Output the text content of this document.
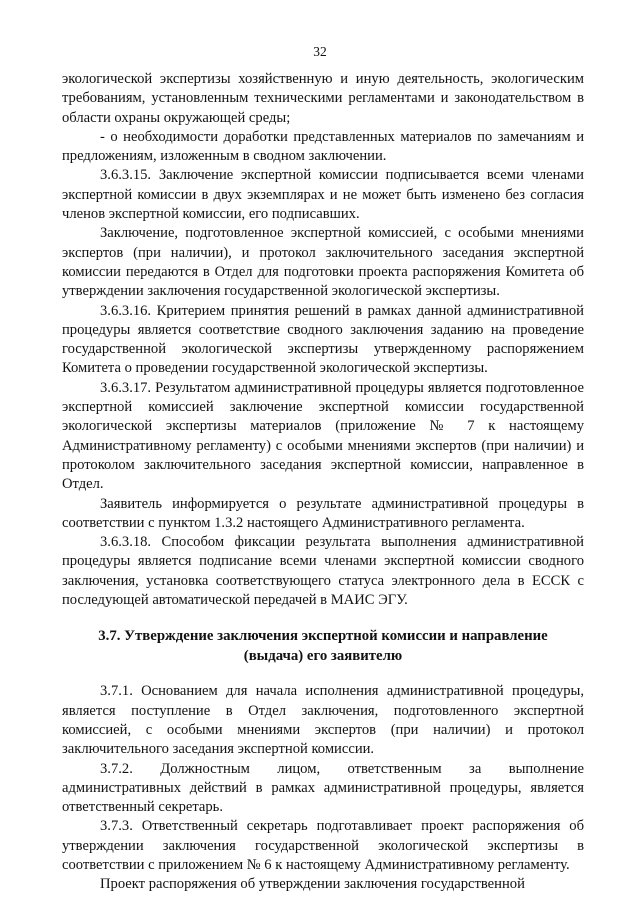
32

экологической экспертизы хозяйственную и иную деятельность, экологическим требованиям, установленным техническими регламентами и законодательством в области охраны окружающей среды;

- о необходимости доработки представленных материалов по замечаниям и предложениям, изложенным в сводном заключении.

3.6.3.15. Заключение экспертной комиссии подписывается всеми членами экспертной комиссии в двух экземплярах и не может быть изменено без согласия членов экспертной комиссии, его подписавших.

Заключение, подготовленное экспертной комиссией, с особыми мнениями экспертов (при наличии), и протокол заключительного заседания экспертной комиссии передаются в Отдел для подготовки проекта распоряжения Комитета об утверждении заключения государственной экологической экспертизы.

3.6.3.16. Критерием принятия решений в рамках данной административной процедуры является соответствие сводного заключения заданию на проведение государственной экологической экспертизы утвержденному распоряжением Комитета о проведении государственной экологической экспертизы.

3.6.3.17. Результатом административной процедуры является подготовленное экспертной комиссией заключение экспертной комиссии государственной экологической экспертизы материалов (приложение № 7 к настоящему Административному регламенту) с особыми мнениями экспертов (при наличии) и протоколом заключительного заседания экспертной комиссии, направленное в Отдел.

Заявитель информируется о результате административной процедуры в соответствии с пунктом 1.3.2 настоящего Административного регламента.

3.6.3.18. Способом фиксации результата выполнения административной процедуры является подписание всеми членами экспертной комиссии сводного заключения, установка соответствующего статуса электронного дела в ЕССК с последующей автоматической передачей в МАИС ЭГУ.

3.7. Утверждение заключения экспертной комиссии и направление (выдача) его заявителю

3.7.1. Основанием для начала исполнения административной процедуры, является поступление в Отдел заключения, подготовленного экспертной комиссией, с особыми мнениями экспертов (при наличии) и протокол заключительного заседания экспертной комиссии.

3.7.2. Должностным лицом, ответственным за выполнение административных действий в рамках административной процедуры, является ответственный секретарь.

3.7.3. Ответственный секретарь подготавливает проект распоряжения об утверждении заключения государственной экологической экспертизы в соответствии с приложением № 6 к настоящему Административному регламенту.

Проект распоряжения об утверждении заключения государственной
